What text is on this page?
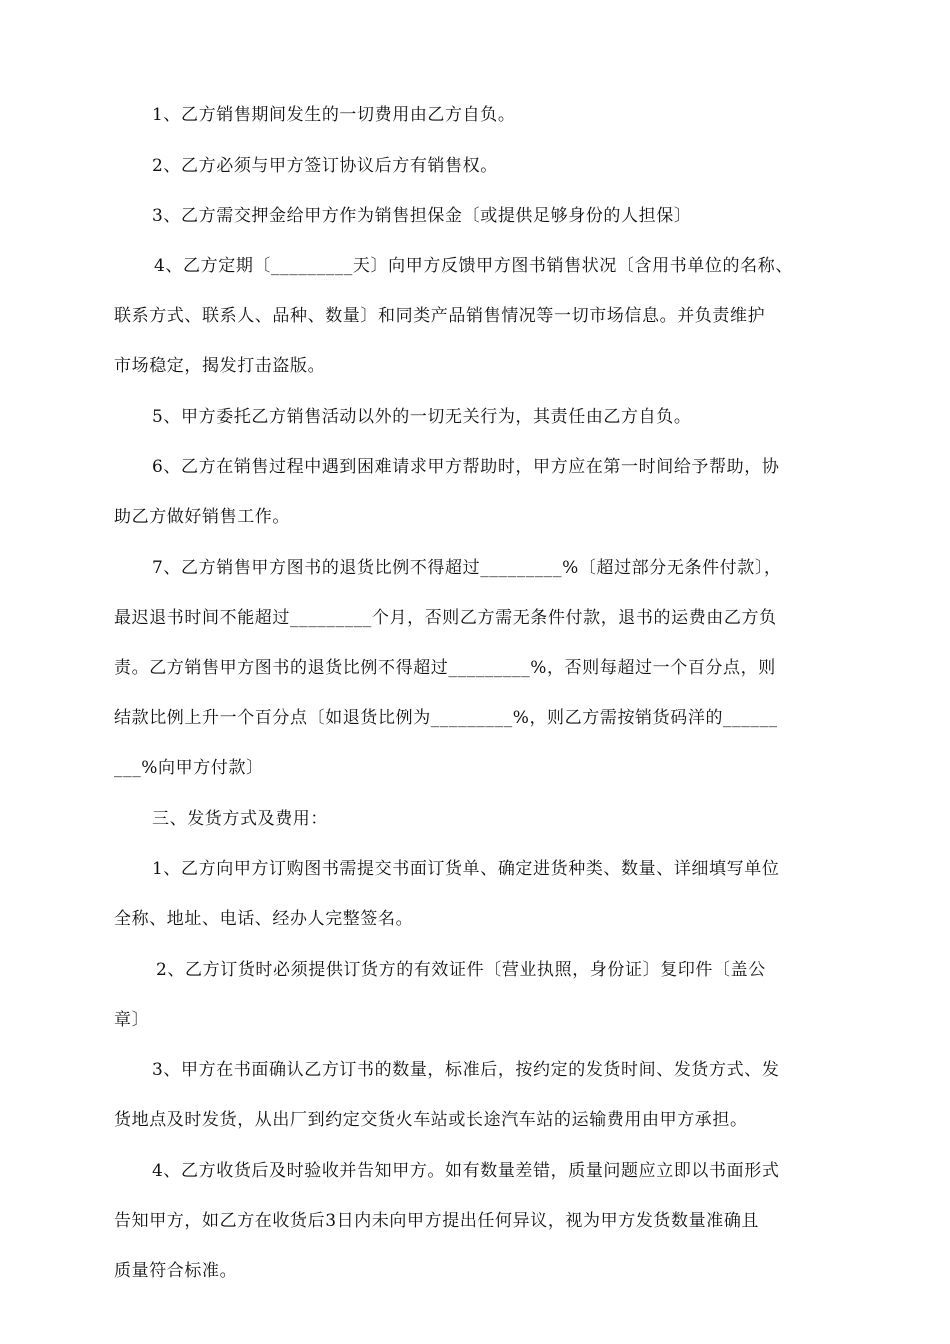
1、乙方销售期间发生的一切费用由乙方自负。
2、乙方必须与甲方签订协议后方有销售权。
3、乙方需交押金给甲方作为销售担保金〔或提供足够身份的人担保〕
4、乙方定期〔_________天〕向甲方反馈甲方图书销售状况〔含用书单位的名称、
联系方式、联系人、品种、数量〕和同类产品销售情况等一切市场信息。并负责维护
市场稳定，揭发打击盗版。
5、甲方委托乙方销售活动以外的一切无关行为，其责任由乙方自负。
6、乙方在销售过程中遇到困难请求甲方帮助时，甲方应在第一时间给予帮助，协
助乙方做好销售工作。
7、乙方销售甲方图书的退货比例不得超过_________%〔超过部分无条件付款〕，
最迟退书时间不能超过_________个月，否则乙方需无条件付款，退书的运费由乙方负
责。乙方销售甲方图书的退货比例不得超过_________%，否则每超过一个百分点，则
结款比例上升一个百分点〔如退货比例为_________%，则乙方需按销货码洋的______
___%向甲方付款〕
三、发货方式及费用：
1、乙方向甲方订购图书需提交书面订货单、确定进货种类、数量、详细填写单位
全称、地址、电话、经办人完整签名。
2、乙方订货时必须提供订货方的有效证件〔营业执照，身份证〕复印件〔盖公
章〕
3、甲方在书面确认乙方订书的数量，标准后，按约定的发货时间、发货方式、发
货地点及时发货，从出厂到约定交货火车站或长途汽车站的运输费用由甲方承担。
4、乙方收货后及时验收并告知甲方。如有数量差错，质量问题应立即以书面形式
告知甲方，如乙方在收货后3日内未向甲方提出任何异议，视为甲方发货数量准确且
质量符合标准。
